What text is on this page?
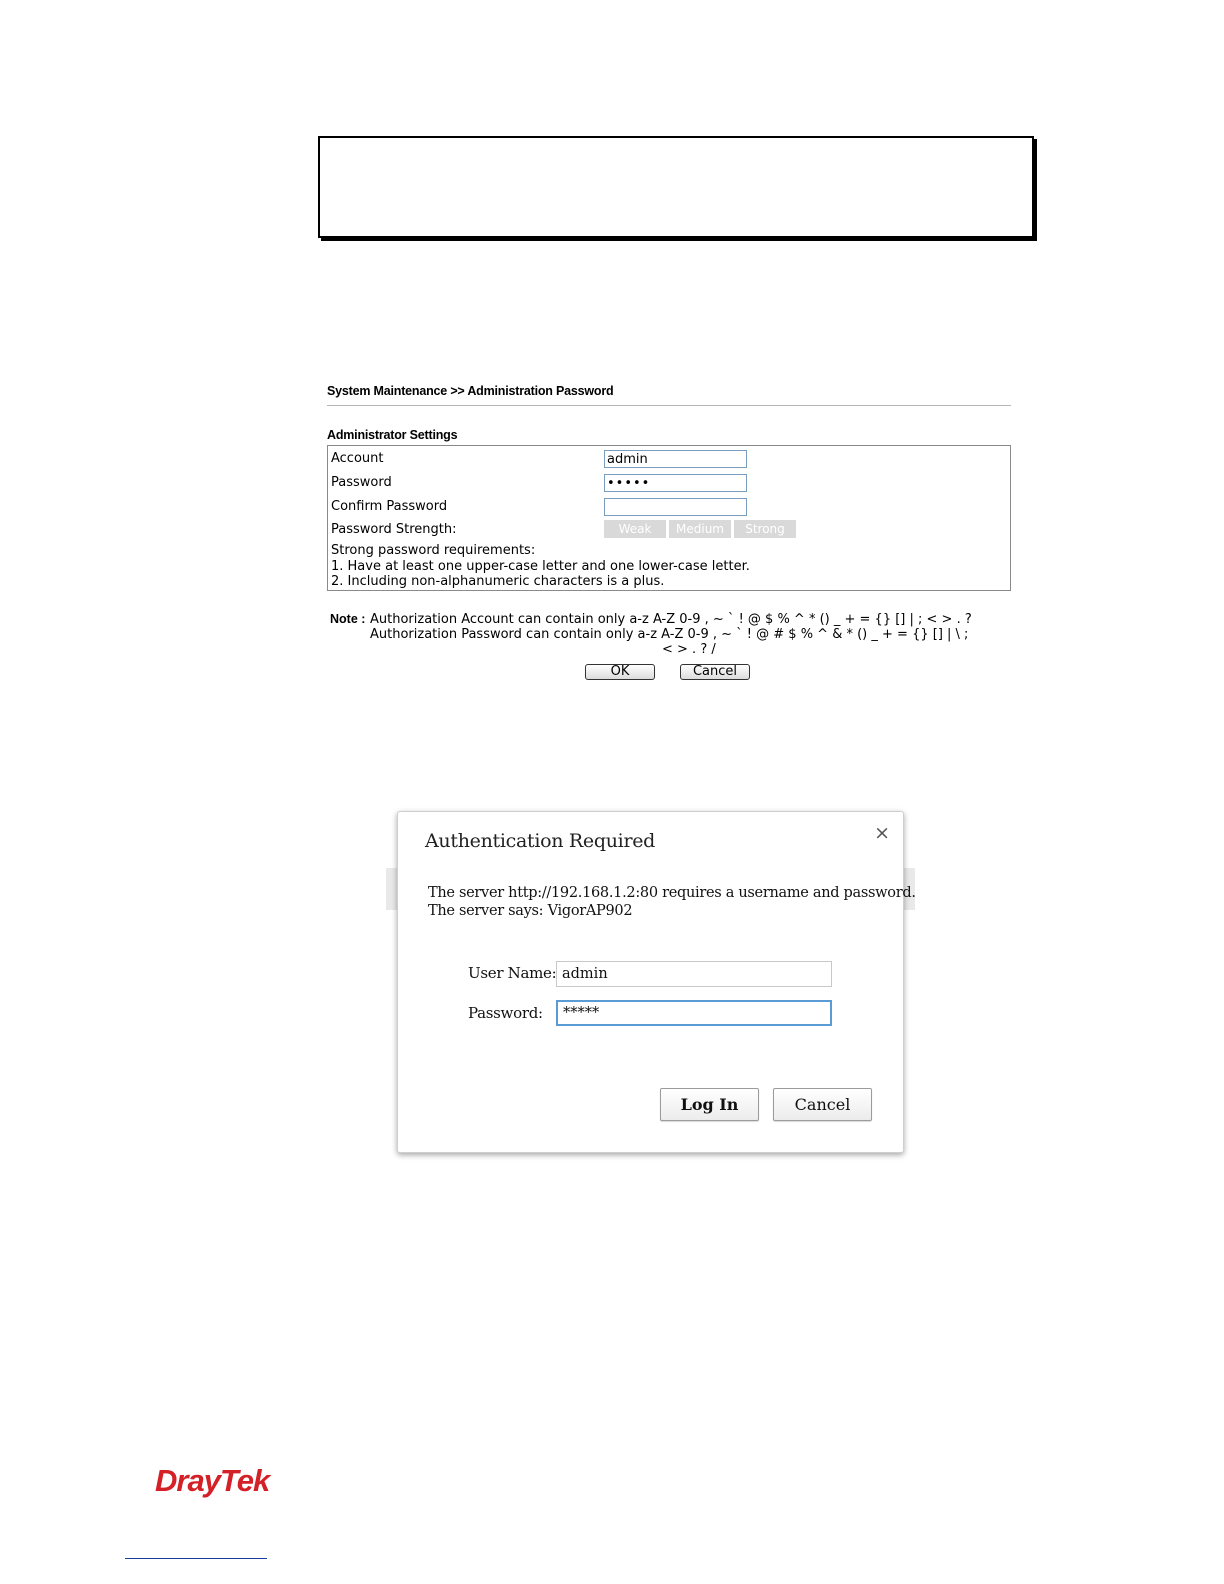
System Maintenance >> Administration Password
Administrator Settings
Account	admin
Password	•••••
Confirm Password
Password Strength:	Weak	Medium	Strong
Strong password requirements:
1. Have at least one upper-case letter and one lower-case letter.
2. Including non-alphanumeric characters is a plus.
Note : Authorization Account can contain only a-z A-Z 0-9 , ~ ` ! @ $ % ^ * () _ + = {} [] | ; < > . ?
Authorization Password can contain only a-z A-Z 0-9 , ~ ` ! @ # $ % ^ & * () _ + = {} [] | \ ;
< > . ? /
OK	Cancel
Authentication Required	×
The server http://192.168.1.2:80 requires a username and password.
The server says: VigorAP902
User Name: admin
Password:	*****
Log In	Cancel
DrayTek
